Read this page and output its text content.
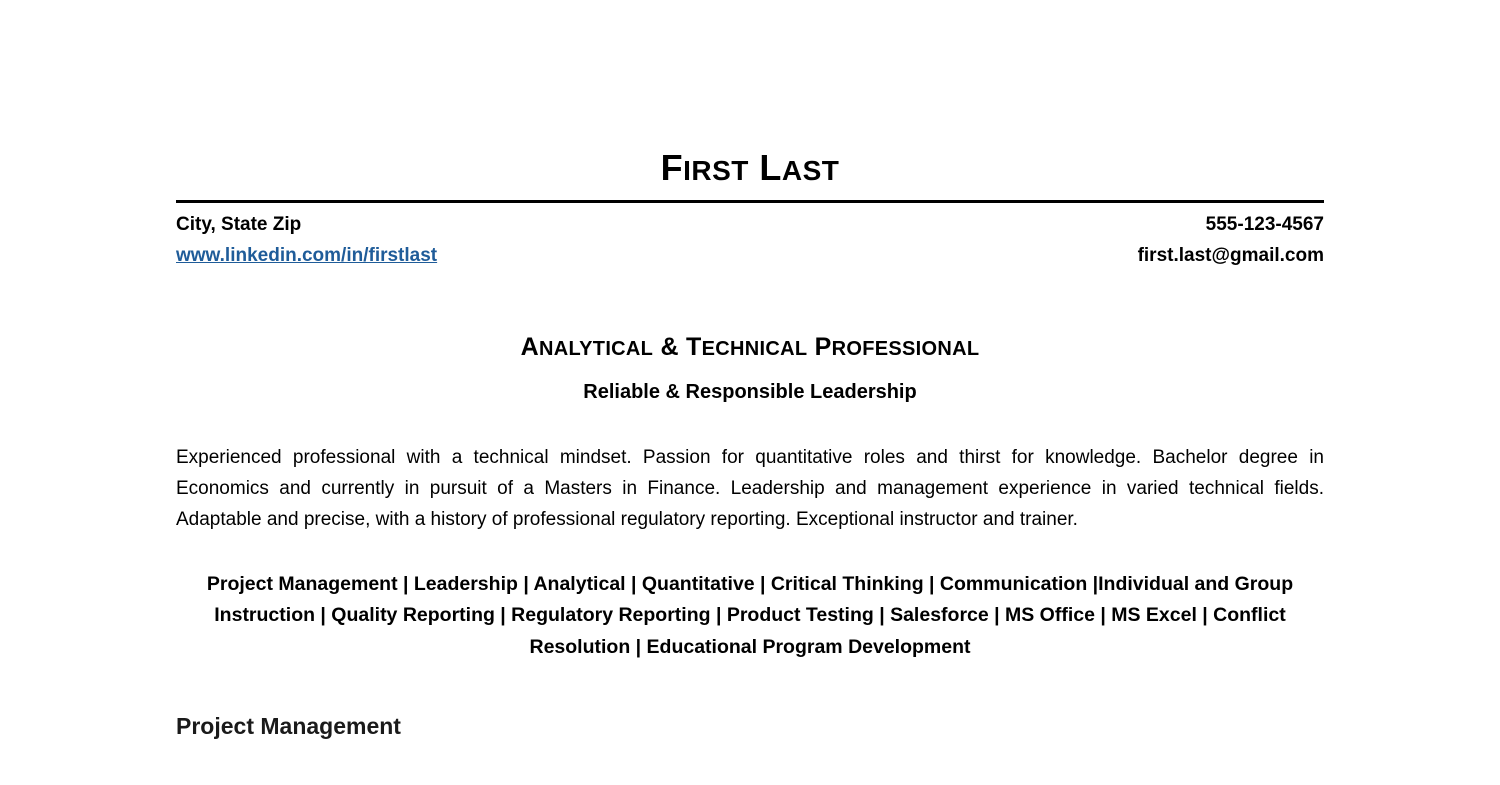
FIRST LAST
City, State Zip	555-123-4567
www.linkedin.com/in/firstlast	first.last@gmail.com
ANALYTICAL & TECHNICAL PROFESSIONAL
Reliable & Responsible Leadership
Experienced professional with a technical mindset. Passion for quantitative roles and thirst for knowledge. Bachelor degree in Economics and currently in pursuit of a Masters in Finance. Leadership and management experience in varied technical fields. Adaptable and precise, with a history of professional regulatory reporting. Exceptional instructor and trainer.
Project Management | Leadership | Analytical | Quantitative | Critical Thinking | Communication |Individual and Group Instruction | Quality Reporting | Regulatory Reporting | Product Testing | Salesforce | MS Office | MS Excel | Conflict Resolution | Educational Program Development
Project Management
